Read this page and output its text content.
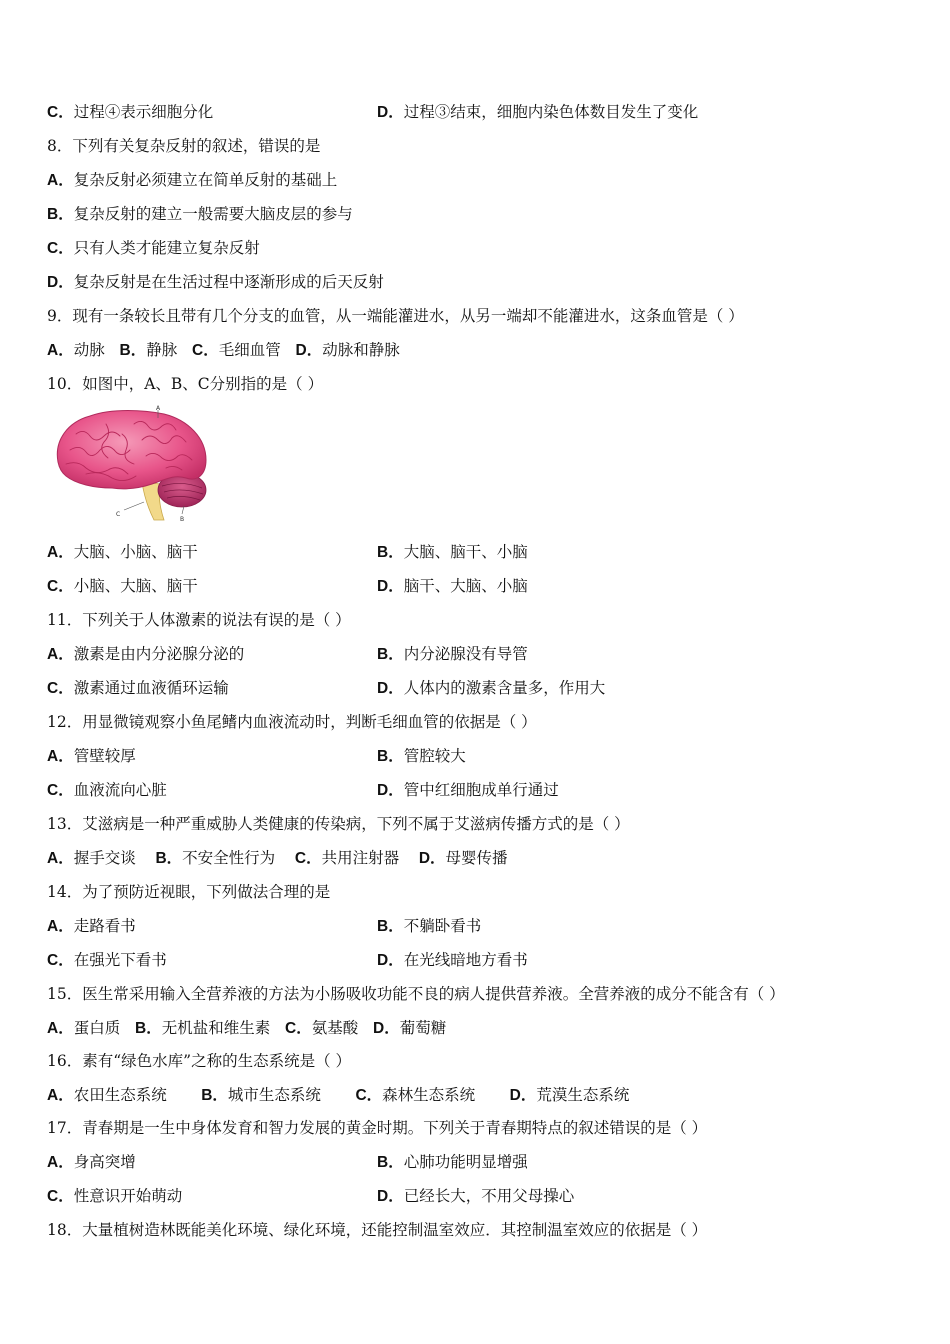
C．过程④表示细胞分化	D．过程③结束，细胞内染色体数目发生了变化
8．下列有关复杂反射的叙述，错误的是
A．复杂反射必须建立在简单反射的基础上
B．复杂反射的建立一般需要大脑皮层的参与
C．只有人类才能建立复杂反射
D．复杂反射是在生活过程中逐渐形成的后天反射
9．现有一条较长且带有几个分支的血管，从一端能灌进水，从另一端却不能灌进水，这条血管是（ ）
A．动脉 B．静脉 C．毛细血管 D．动脉和静脉
10．如图中，A、B、C分别指的是（ ）
A
C
B
A．大脑、小脑、脑干	B．大脑、脑干、小脑
C．小脑、大脑、脑干	D．脑干、大脑、小脑
11．下列关于人体激素的说法有误的是（ ）
A．激素是由内分泌腺分泌的	B．内分泌腺没有导管
C．激素通过血液循环运输	D．人体内的激素含量多，作用大
12．用显微镜观察小鱼尾鳍内血液流动时，判断毛细血管的依据是（ ）
A．管壁较厚	B．管腔较大
C．血液流向心脏	D．管中红细胞成单行通过
13．艾滋病是一种严重威胁人类健康的传染病，下列不属于艾滋病传播方式的是（ ）
A．握手交谈 B．不安全性行为 C．共用注射器 D．母婴传播
14．为了预防近视眼，下列做法合理的是
A．走路看书	B．不躺卧看书
C．在强光下看书	D．在光线暗地方看书
15．医生常采用输入全营养液的方法为小肠吸收功能不良的病人提供营养液。全营养液的成分不能含有（ ）
A．蛋白质 B．无机盐和维生素 C．氨基酸 D．葡萄糖
16．素有“绿色水库”之称的生态系统是（ ）
A．农田生态系统 B．城市生态系统 C．森林生态系统 D．荒漠生态系统
17．青春期是一生中身体发育和智力发展的黄金时期。下列关于青春期特点的叙述错误的是（ ）
A．身高突增	B．心肺功能明显增强
C．性意识开始萌动	D．已经长大，不用父母操心
18．大量植树造林既能美化环境、绿化环境，还能控制温室效应．其控制温室效应的依据是（ ）
